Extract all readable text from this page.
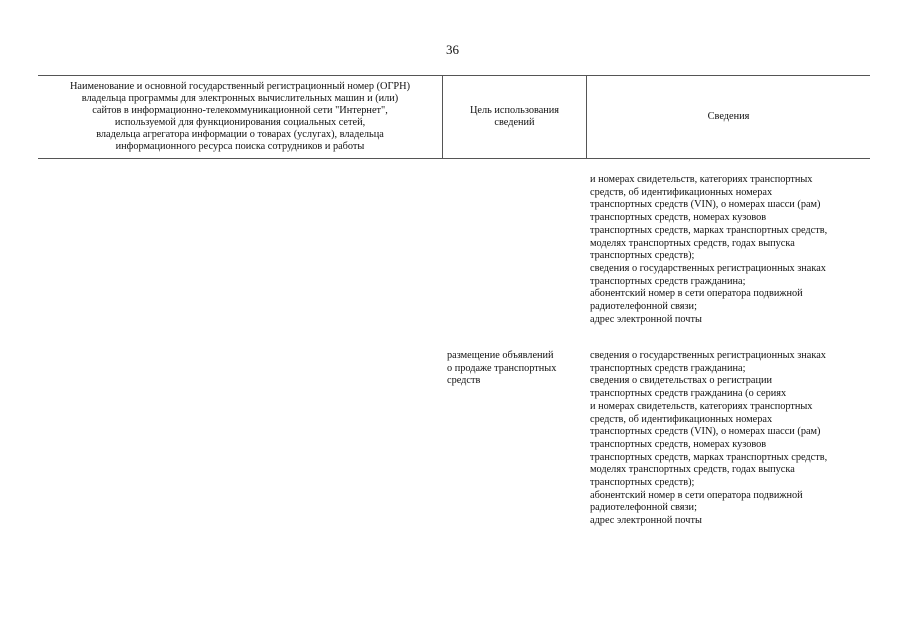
36
Наименование и основной государственный регистрационный номер (ОГРН)
владельца программы для электронных вычислительных машин и (или)
сайтов в информационно-телекоммуникационной сети "Интернет",
используемой для функционирования социальных сетей,
владельца агрегатора информации о товарах (услугах), владельца
информационного ресурса поиска сотрудников и работы
Цель использования
сведений
Сведения
и номерах свидетельств, категориях транспортных
средств, об идентификационных номерах
транспортных средств (VIN), о номерах шасси (рам)
транспортных средств, номерах кузовов
транспортных средств, марках транспортных средств,
моделях транспортных средств, годах выпуска
транспортных средств);
сведения о государственных регистрационных знаках
транспортных средств гражданина;
абонентский номер в сети оператора подвижной
радиотелефонной связи;
адрес электронной почты
размещение объявлений
о продаже транспортных
средств
сведения о государственных регистрационных знаках
транспортных средств гражданина;
сведения о свидетельствах о регистрации
транспортных средств гражданина (о сериях
и номерах свидетельств, категориях транспортных
средств, об идентификационных номерах
транспортных средств (VIN), о номерах шасси (рам)
транспортных средств, номерах кузовов
транспортных средств, марках транспортных средств,
моделях транспортных средств, годах выпуска
транспортных средств);
абонентский номер в сети оператора подвижной
радиотелефонной связи;
адрес электронной почты
